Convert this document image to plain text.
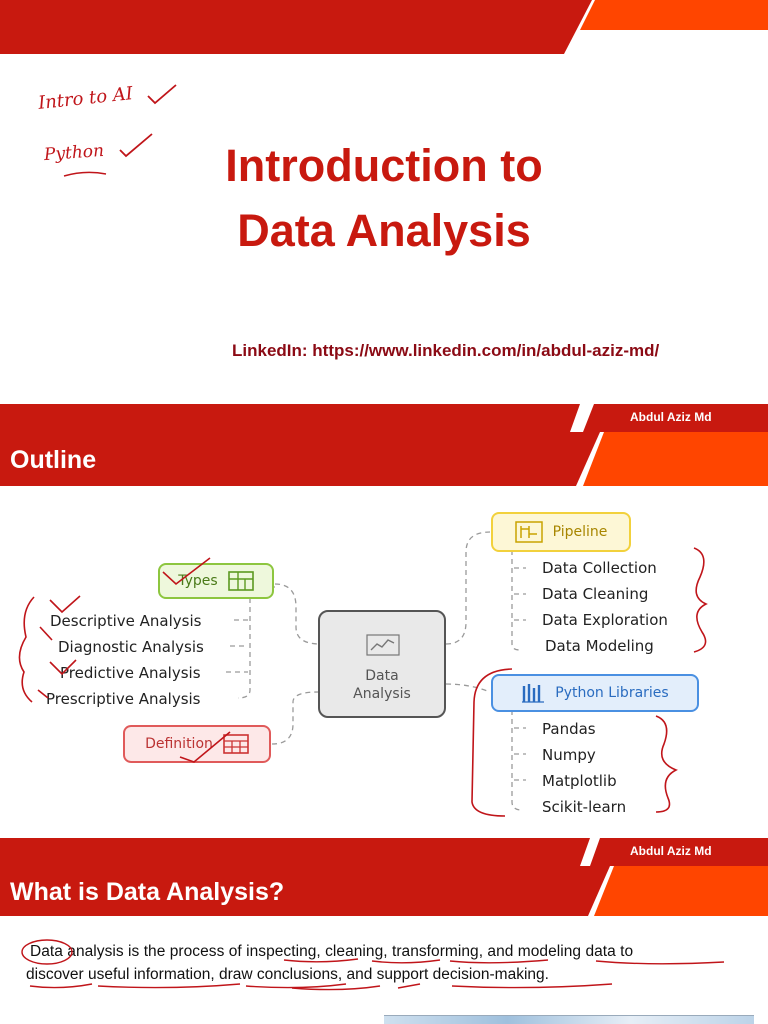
Intro to AI
Python	Introduction to
Data Analysis
LinkedIn: https://www.linkedin.com/in/abdul-aziz-md/
Abdul Aziz Md
Outline
Data
Analysis
Types
Descriptive Analysis
Diagnostic Analysis
Predictive Analysis
Prescriptive Analysis
Definition
Pipeline
Data Collection
Data Cleaning
Data Exploration
Data Modeling
Python Libraries
Pandas
Numpy
Matplotlib
Scikit-learn
Abdul Aziz Md
What is Data Analysis?
Data analysis is the process of inspecting, cleaning, transforming, and modeling data to
discover useful information, draw conclusions, and support decision-making.
